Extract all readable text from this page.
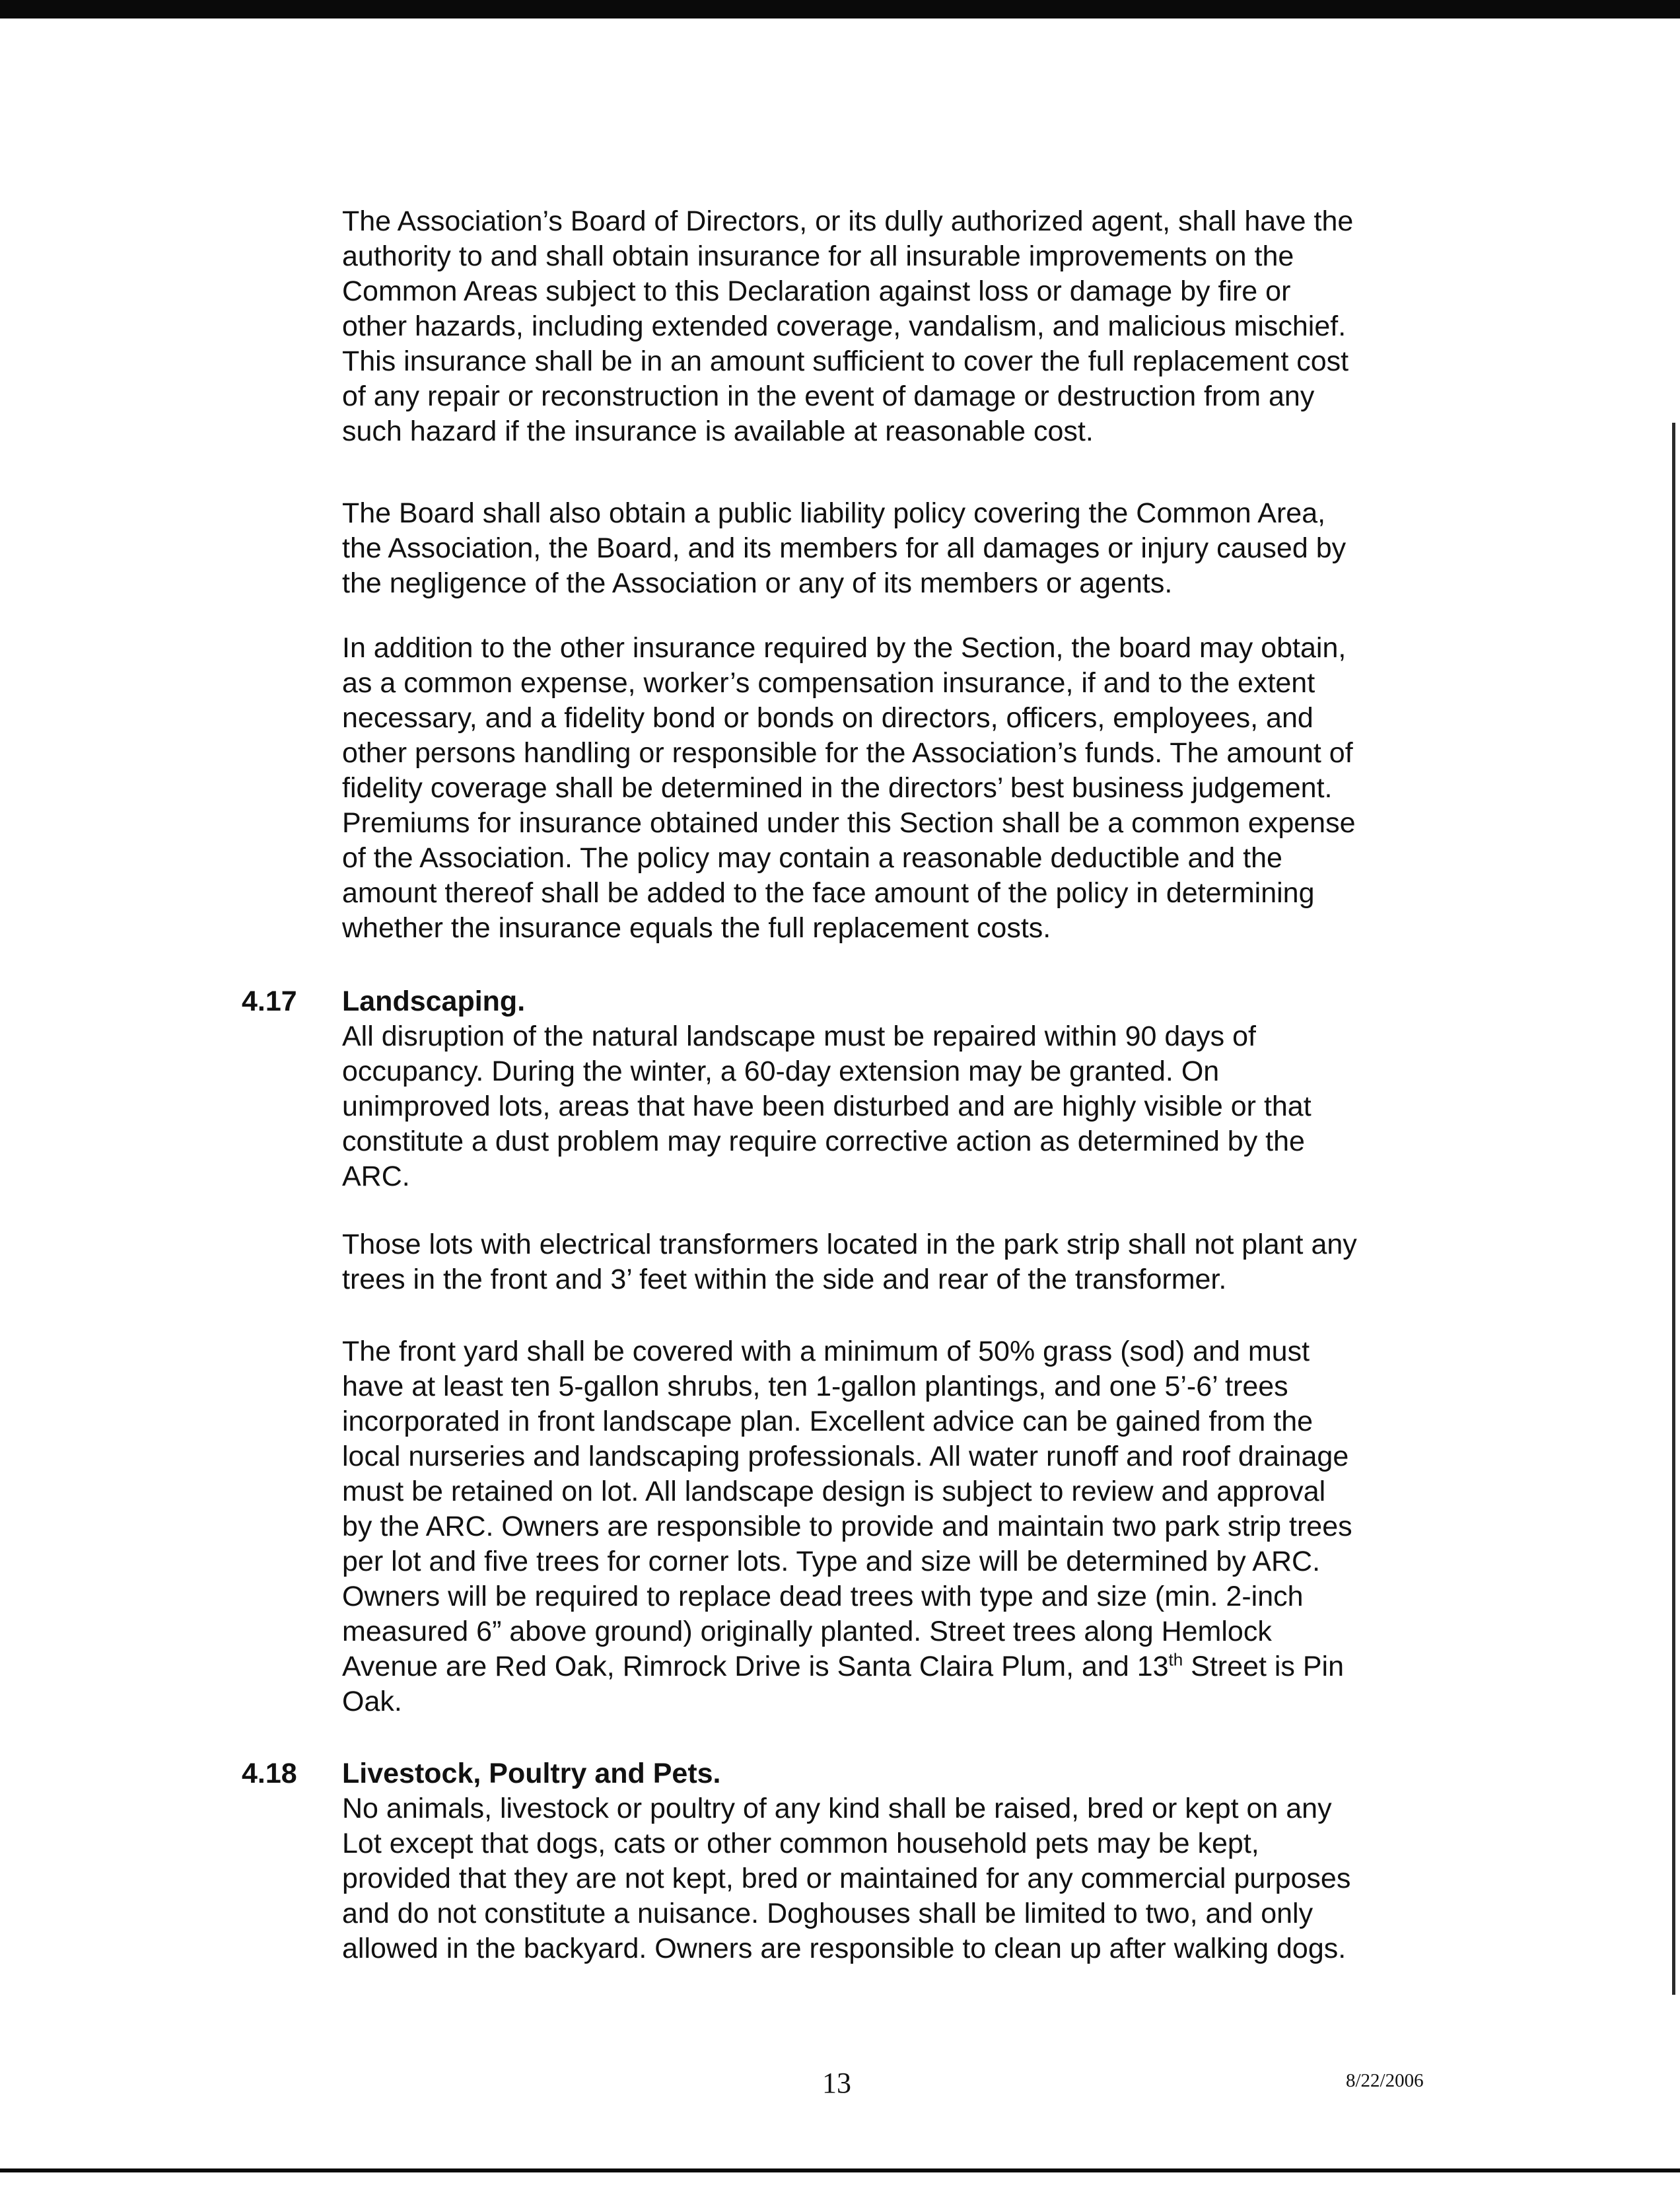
The Association’s Board of Directors, or its dully authorized agent, shall have the
authority to and shall obtain insurance for all insurable improvements on the
Common Areas subject to this Declaration against loss or damage by fire or
other hazards, including extended coverage, vandalism, and malicious mischief.
This insurance shall be in an amount sufficient to cover the full replacement cost
of any repair or reconstruction in the event of damage or destruction from any
such hazard if the insurance is available at reasonable cost.

The Board shall also obtain a public liability policy covering the Common Area,
the Association, the Board, and its members for all damages or injury caused by
the negligence of the Association or any of its members or agents.

In addition to the other insurance required by the Section, the board may obtain,
as a common expense, worker’s compensation insurance, if and to the extent
necessary, and a fidelity bond or bonds on directors, officers, employees, and
other persons handling or responsible for the Association’s funds. The amount of
fidelity coverage shall be determined in the directors’ best business judgement.
Premiums for insurance obtained under this Section shall be a common expense
of the Association. The policy may contain a reasonable deductible and the
amount thereof shall be added to the face amount of the policy in determining
whether the insurance equals the full replacement costs.

4.17 Landscaping.

All disruption of the natural landscape must be repaired within 90 days of
occupancy. During the winter, a 60-day extension may be granted. On
unimproved lots, areas that have been disturbed and are highly visible or that
constitute a dust problem may require corrective action as determined by the
ARC.

Those lots with electrical transformers located in the park strip shall not plant any
trees in the front and 3’ feet within the side and rear of the transformer.

The front yard shall be covered with a minimum of 50% grass (sod) and must
have at least ten 5-gallon shrubs, ten 1-gallon plantings, and one 5’-6’ trees
incorporated in front landscape plan. Excellent advice can be gained from the
local nurseries and landscaping professionals. All water runoff and roof drainage
must be retained on lot. All landscape design is subject to review and approval
by the ARC. Owners are responsible to provide and maintain two park strip trees
per lot and five trees for corner lots. Type and size will be determined by ARC.
Owners will be required to replace dead trees with type and size (min. 2-inch
measured 6” above ground) originally planted. Street trees along Hemlock
Avenue are Red Oak, Rimrock Drive is Santa Claira Plum, and 13th Street is Pin
Oak.

4.18 Livestock, Poultry and Pets.

No animals, livestock or poultry of any kind shall be raised, bred or kept on any
Lot except that dogs, cats or other common household pets may be kept,
provided that they are not kept, bred or maintained for any commercial purposes
and do not constitute a nuisance. Doghouses shall be limited to two, and only
allowed in the backyard. Owners are responsible to clean up after walking dogs.

13	8/22/2006
